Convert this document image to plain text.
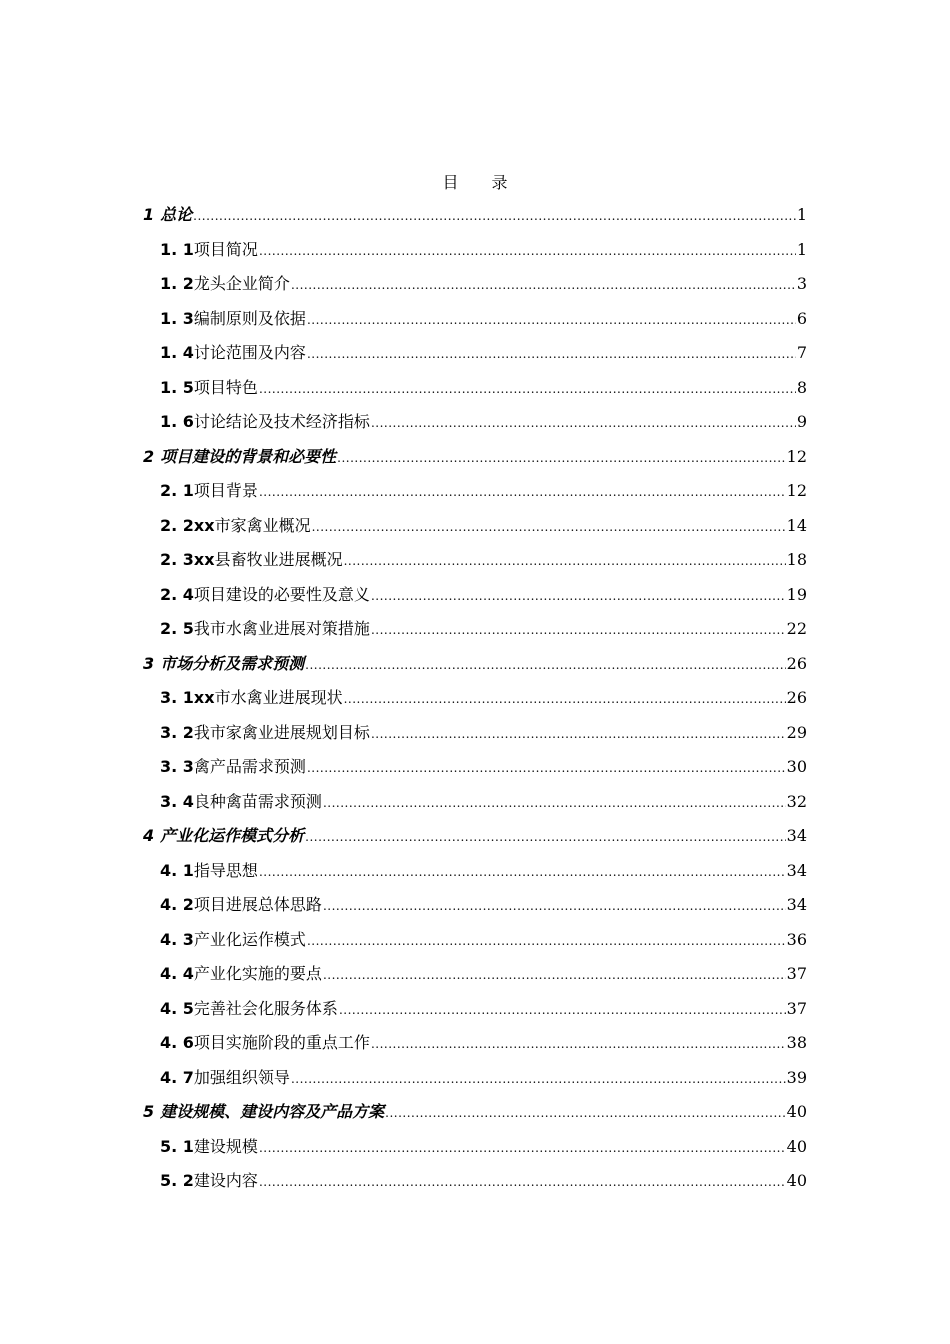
目 录
1 总论 .....	1
1. 1 项目简况 .....	1
1. 2 龙头企业简介 .....	3
1. 3 编制原则及依据 .....	6
1. 4 讨论范围及内容 .....	7
1. 5 项目特色 .....	8
1. 6 讨论结论及技术经济指标 .....	9
2 项目建设的背景和必要性 .....	12
2. 1 项目背景 .....	12
2. 2xx 市家禽业概况 .....	14
2. 3xx 县畜牧业进展概况 .....	18
2. 4 项目建设的必要性及意义 .....	19
2. 5 我市水禽业进展对策措施 .....	22
3 市场分析及需求预测 .....	26
3. 1xx 市水禽业进展现状 .....	26
3. 2 我市家禽业进展规划目标 .....	29
3. 3 禽产品需求预测 .....	30
3. 4 良种禽苗需求预测 .....	32
4 产业化运作模式分析 .....	34
4. 1 指导思想 .....	34
4. 2 项目进展总体思路 .....	34
4. 3 产业化运作模式 .....	36
4. 4 产业化实施的要点 .....	37
4. 5 完善社会化服务体系 .....	37
4. 6 项目实施阶段的重点工作 .....	38
4. 7 加强组织领导 .....	39
5 建设规模、建设内容及产品方案 .....	40
5. 1 建设规模 .....	40
5. 2 建设内容 .....	40
